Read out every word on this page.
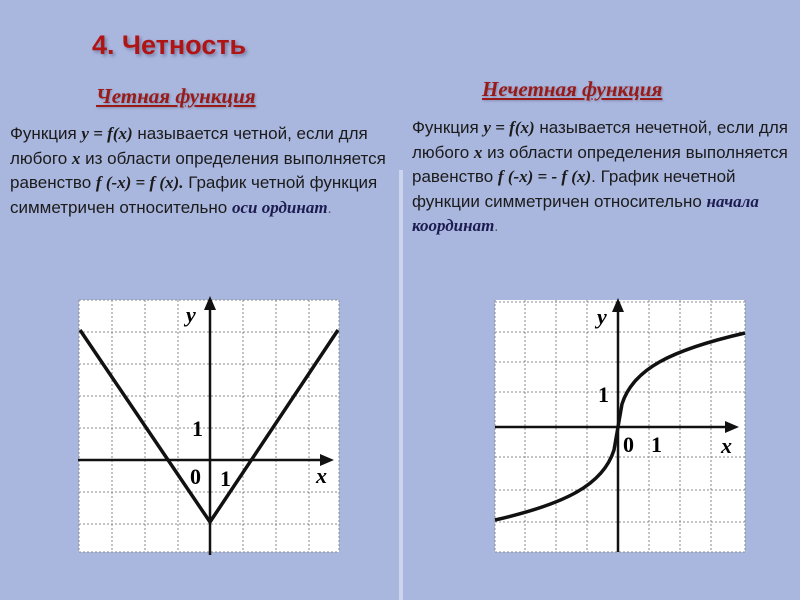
4. Четность
Четная функция	Нечетная функция

Функция y = f(x) называется четной, если для любого x из области определения выполняется равенство f (-x) = f (x). График четной функция симметричен относительно оси ординат.

Функция y = f(x) называется нечетной, если для любого x из области определения выполняется равенство f (-x) = - f (x). График нечетной функции симметричен относительно начала координат.

y
x
0 1
1
y
x
0 1
1
